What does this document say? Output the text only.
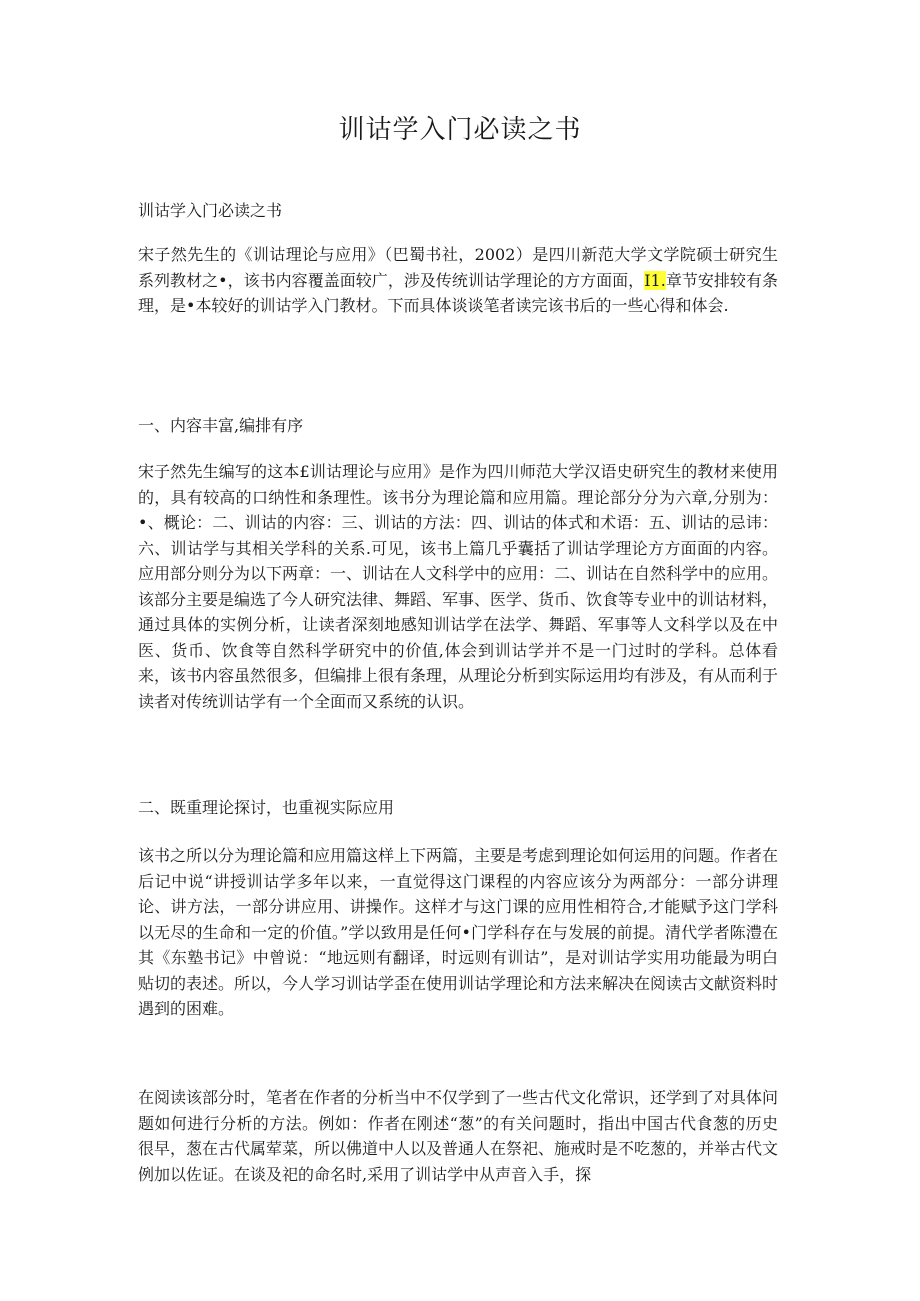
训诂学入门必读之书
训诂学入门必读之书
宋子然先生的《训诂理论与应用》（巴蜀书社，2002）是四川新范大学文学院硕士研究生系列教材之•，该书内容覆盖面较广，涉及传统训诂学理论的方方面面，I1.章节安排较有条理，是•本较好的训诂学入门教材。下而具体谈谈笔者读完该书后的一些心得和体会.
一、内容丰富,编排有序
宋子然先生编写的这本£训诂理论与应用》是作为四川师范大学汉语史研究生的教材来使用的，具有较高的口纳性和条理性。该书分为理论篇和应用篇。理论部分分为六章,分别为：•、概论：二、训诂的内容：三、训诂的方法：四、训诂的体式和术语：五、训诂的忌讳：六、训诂学与其相关学科的关系.可见，该书上篇几乎囊括了训诂学理论方方面面的内容。应用部分则分为以下两章：一、训诂在人文科学中的应用：二、训诂在自然科学中的应用。该部分主要是编选了今人研究法律、舞蹈、军事、医学、货币、饮食等专业中的训诂材料，通过具体的实例分析，让读者深刻地感知训诂学在法学、舞蹈、军事等人文科学以及在中医、货币、饮食等自然科学研究中的价值,体会到训诂学并不是一门过时的学科。总体看来，该书内容虽然很多，但编排上很有条理，从理论分析到实际运用均有涉及，有从而利于读者对传统训诂学有一个全面而又系统的认识。
二、既重理论探讨，也重视实际应用
该书之所以分为理论篇和应用篇这样上下两篇，主要是考虑到理论如何运用的问题。作者在后记中说“讲授训诂学多年以来，一直觉得这门课程的内容应该分为两部分：一部分讲理论、讲方法，一部分讲应用、讲操作。这样才与这门课的应用性相符合,才能赋予这门学科以无尽的生命和一定的价值。”学以致用是任何•门学科存在与发展的前提。清代学者陈澧在其《东塾书记》中曾说：“地远则有翻译，时远则有训诂”，是对训诂学实用功能最为明白贴切的表述。所以，今人学习训诂学歪在使用训诂学理论和方法来解决在阅读古文献资料时遇到的困难。
在阅读该部分时，笔者在作者的分析当中不仅学到了一些古代文化常识，还学到了对具体问题如何进行分析的方法。例如：作者在刚述“葱”的有关问题时，指出中国古代食葱的历史很早，葱在古代属荤菜，所以佛道中人以及普通人在祭祀、施戒时是不吃葱的，并举古代文例加以佐证。在谈及祀的命名时,采用了训诂学中从声音入手，探
